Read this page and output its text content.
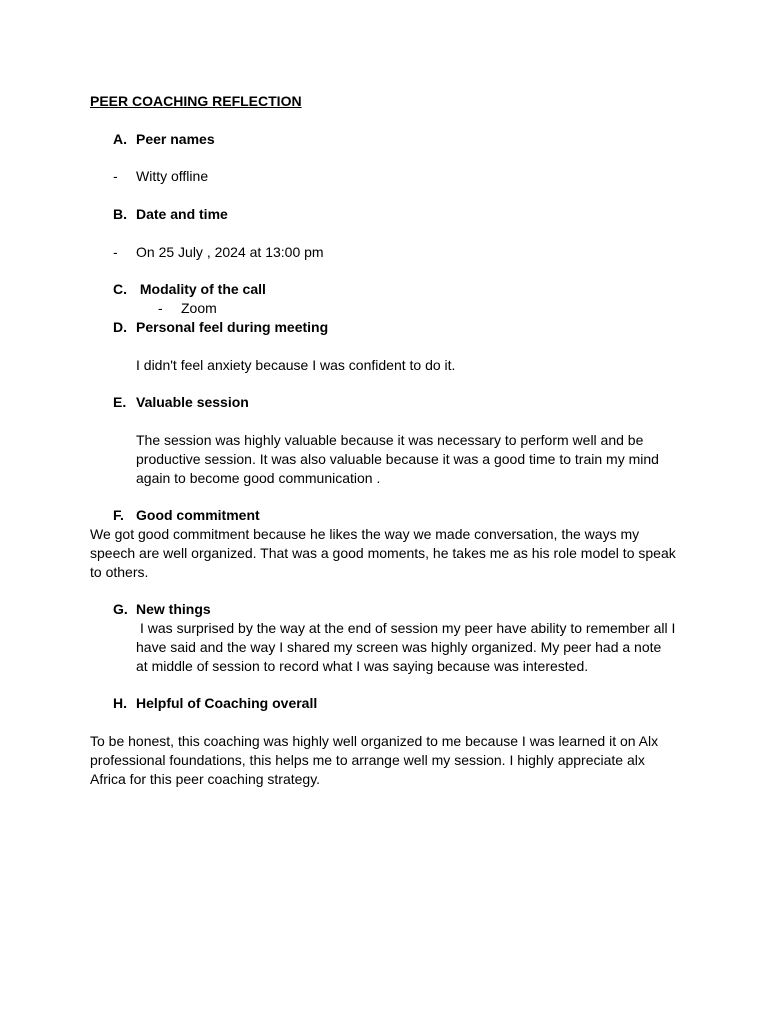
PEER COACHING REFLECTION
A. Peer names
- Witty offline
B. Date and time
- On 25 July , 2024 at 13:00 pm
C. Modality of the call
- Zoom
D. Personal feel during meeting
I didn't feel anxiety because I was confident to do it.
E. Valuable session
The session was highly valuable because it was necessary to perform well and be productive session. It was also valuable because it was a good time to train my mind again to become good communication .
F. Good commitment
We got good commitment because he likes the way we made conversation, the ways my speech are well organized. That was a good moments, he takes me as his role model to speak to others.
G. New things
I was surprised by the way at the end of session my peer have ability to remember all I have said and the way I shared my screen was highly organized. My peer had a note at middle of session to record what I was saying because was interested.
H. Helpful of Coaching overall
To be honest, this coaching was highly well organized to me because I was learned it on Alx professional foundations, this helps me to arrange well my session. I highly appreciate alx Africa for this peer coaching strategy.
